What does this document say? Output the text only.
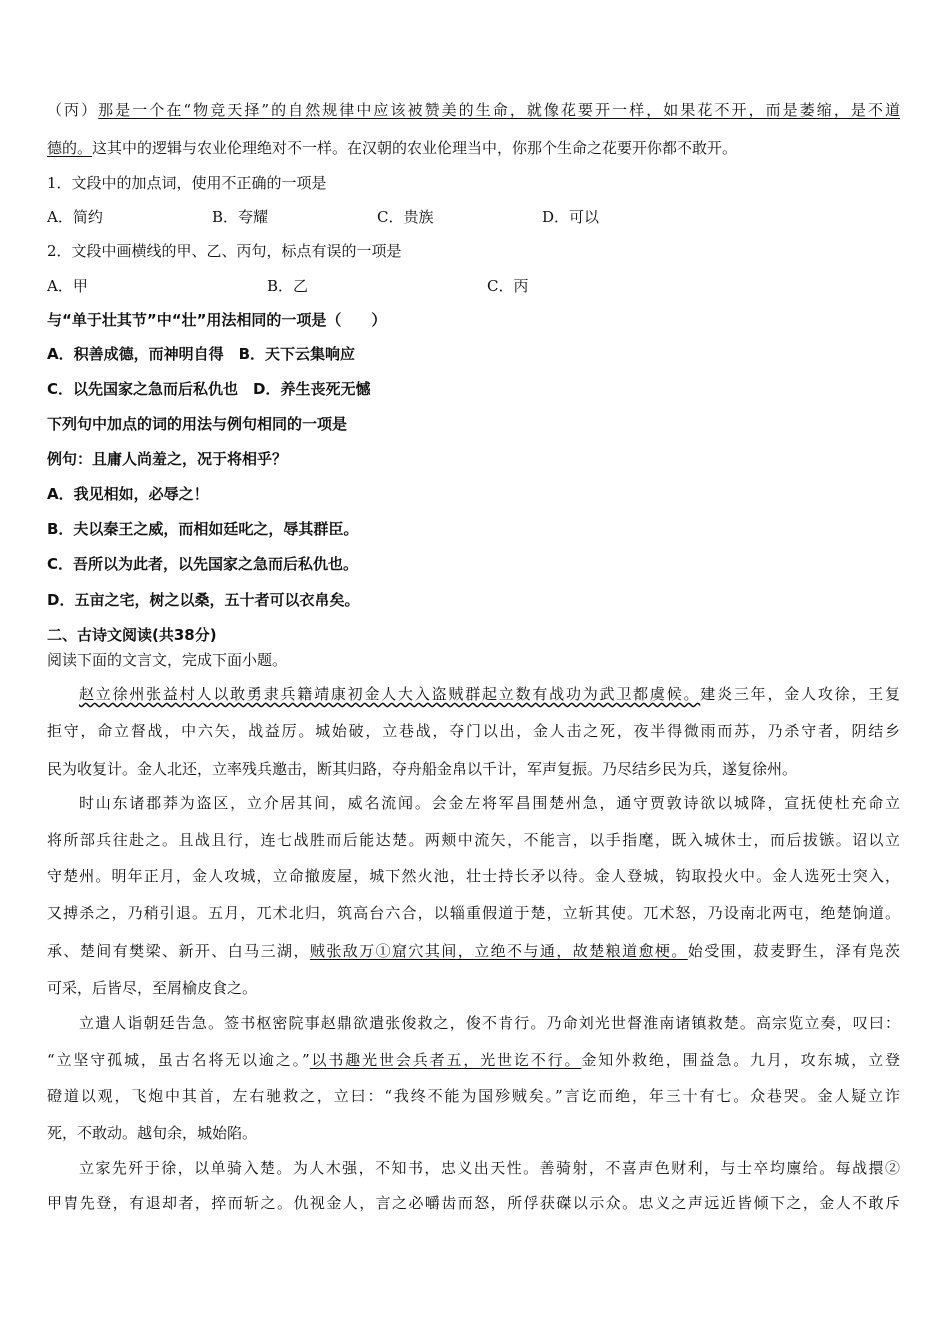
（丙）那是一个在“物竞天择”的自然规律中应该被赞美的生命，就像花要开一样，如果花不开，而是萎缩，是不道
德的。这其中的逻辑与农业伦理绝对不一样。在汉朝的农业伦理当中，你那个生命之花要开你都不敢开。
1．文段中的加点词，使用不正确的一项是
A．简约	B．夸耀	C．贵族	D．可以
2．文段中画横线的甲、乙、丙句，标点有误的一项是
A．甲	B．乙	C．丙
与“单于壮其节”中“壮”用法相同的一项是（　　）
A．积善成德，而神明自得　B．天下云集响应
C．以先国家之急而后私仇也　D．养生丧死无憾
下列句中加点的词的用法与例句相同的一项是
例句：且庸人尚羞之，况于将相乎？
A．我见相如，必辱之！
B．夫以秦王之威，而相如廷叱之，辱其群臣。
C．吾所以为此者，以先国家之急而后私仇也。
D．五亩之宅，树之以桑，五十者可以衣帛矣。
二、古诗文阅读(共38分)
阅读下面的文言文，完成下面小题。
赵立徐州张益村人以敢勇隶兵籍靖康初金人大入盗贼群起立数有战功为武卫都虞候。建炎三年，金人攻徐，王复
拒守，命立督战，中六矢，战益厉。城始破，立巷战，夺门以出，金人击之死，夜半得微雨而苏，乃杀守者，阴结乡
民为收复计。金人北还，立率残兵邀击，断其归路，夺舟船金帛以千计，军声复振。乃尽结乡民为兵，遂复徐州。
时山东诸郡莽为盗区，立介居其间，威名流闻。会金左将军昌围楚州急，通守贾敦诗欲以城降，宣抚使杜充命立
将所部兵往赴之。且战且行，连七战胜而后能达楚。两颊中流矢，不能言，以手指麾，既入城休士，而后拔镞。诏以立
守楚州。明年正月，金人攻城，立命撤废屋，城下然火池，壮士持长矛以待。金人登城，钩取投火中。金人选死士突入，
又搏杀之，乃稍引退。五月，兀术北归，筑高台六合，以辎重假道于楚，立斩其使。兀术怒，乃设南北两屯，绝楚饷道。
承、楚间有樊梁、新开、白马三湖，贼张敌万①窟穴其间，立绝不与通，故楚粮道愈梗。始受围，菽麦野生，泽有凫茨
可采，后皆尽，至屑榆皮食之。
立遣人诣朝廷告急。签书枢密院事赵鼎欲遣张俊救之，俊不肯行。乃命刘光世督淮南诸镇救楚。高宗览立奏，叹曰：
“立坚守孤城，虽古名将无以逾之。”以书趣光世会兵者五，光世讫不行。金知外救绝，围益急。九月，攻东城，立登
磴道以观，飞炮中其首，左右驰救之，立曰：“我终不能为国殄贼矣。”言讫而绝，年三十有七。众巷哭。金人疑立诈
死，不敢动。越旬余，城始陷。
立家先歼于徐，以单骑入楚。为人木强，不知书，忠义出天性。善骑射，不喜声色财利，与士卒均廪给。每战擐②
甲胄先登，有退却者，捽而斩之。仇视金人，言之必嚼齿而怒，所俘获磔以示众。忠义之声远近皆倾下之，金人不敢斥
